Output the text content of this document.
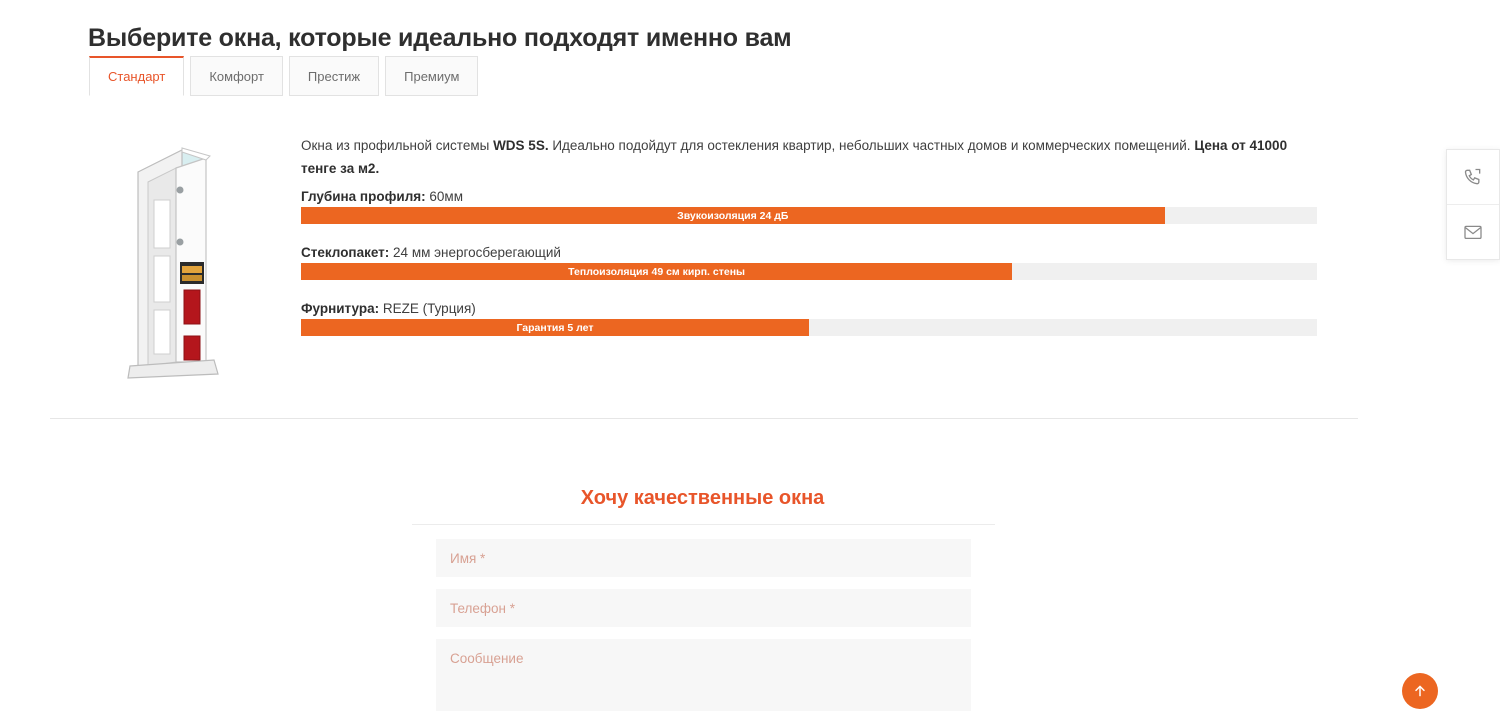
Выберите окна, которые идеально подходят именно вам
Стандарт	Комфорт	Престиж	Премиум
Окна из профильной системы WDS 5S. Идеально подойдут для остекления квартир, небольших частных домов и коммерческих помещений. Цена от 41000 тенге за м2.
Глубина профиля: 60мм
Звукоизоляция 24 дБ
Стеклопакет: 24 мм энергосберегающий
Теплоизоляция 49 см кирп. стены
Фурнитура: REZE (Турция)
Гарантия 5 лет
Хочу качественные окна
Имя *
Телефон *
Сообщение
